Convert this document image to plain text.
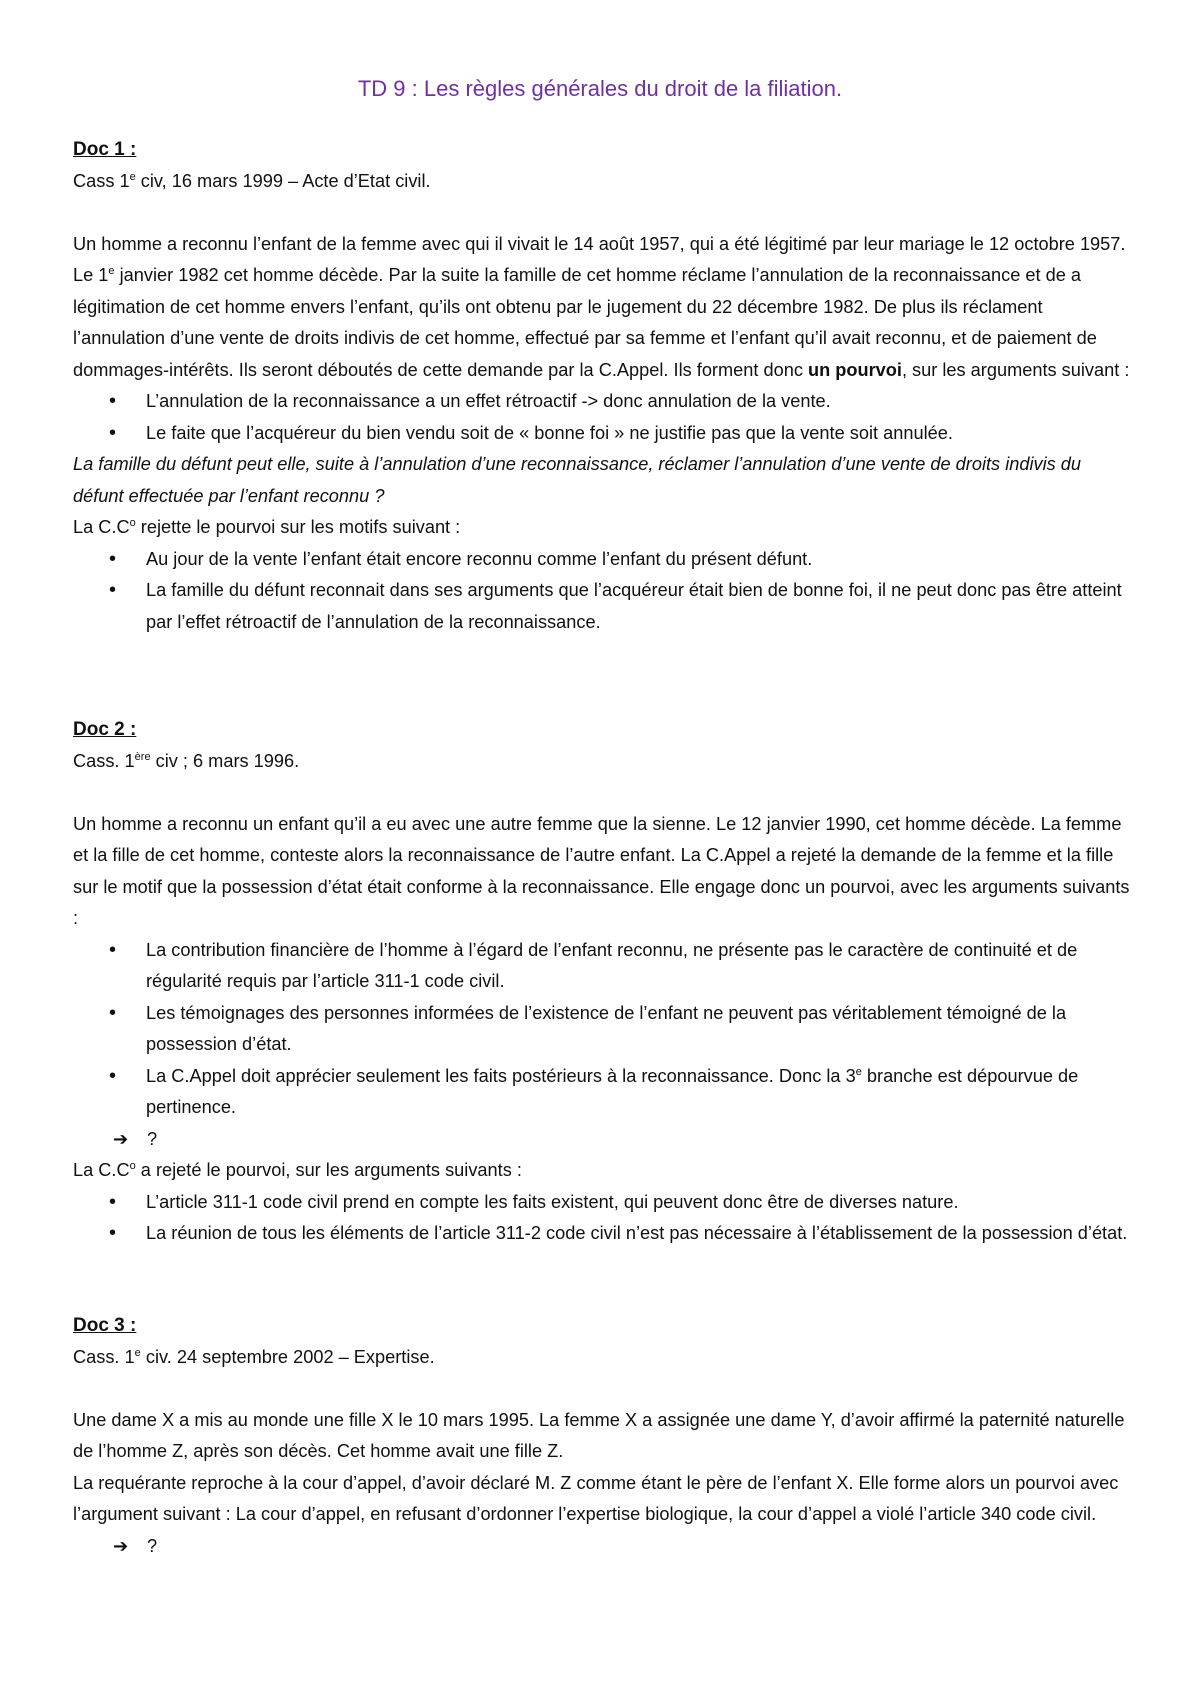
TD 9 : Les règles générales du droit de la filiation.

Doc 1 :

Cass 1e civ, 16 mars 1999 – Acte d’Etat civil.

Un homme a reconnu l’enfant de la femme avec qui il vivait le 14 août 1957, qui a été légitimé par leur mariage le 12 octobre 1957. Le 1e janvier 1982 cet homme décède. Par la suite la famille de cet homme réclame l’annulation de la reconnaissance et de a légitimation de cet homme envers l’enfant, qu’ils ont obtenu par le jugement du 22 décembre 1982. De plus ils réclament l’annulation d’une vente de droits indivis de cet homme, effectué par sa femme et l’enfant qu’il avait reconnu, et de paiement de dommages-intérêts. Ils seront déboutés de cette demande par la C.Appel. Ils forment donc un pourvoi, sur les arguments suivant :

• L’annulation de la reconnaissance a un effet rétroactif -> donc annulation de la vente.
• Le faite que l’acquéreur du bien vendu soit de « bonne foi » ne justifie pas que la vente soit annulée.

La famille du défunt peut elle, suite à l’annulation d’une reconnaissance, réclamer l’annulation d’une vente de droits indivis du défunt effectuée par l’enfant reconnu ?

La $C.C^o$ rejette le pourvoi sur les motifs suivant :

• Au jour de la vente l’enfant était encore reconnu comme l’enfant du présent défunt.
• La famille du défunt reconnait dans ses arguments que l’acquéreur était bien de bonne foi, il ne peut donc pas être atteint par l’effet rétroactif de l’annulation de la reconnaissance.

Doc 2 :

Cass. 1ère civ ; 6 mars 1996.

Un homme a reconnu un enfant qu’il a eu avec une autre femme que la sienne. Le 12 janvier 1990, cet homme décède. La femme et la fille de cet homme, conteste alors la reconnaissance de l’autre enfant. La C.Appel a rejeté la demande de la femme et la fille sur le motif que la possession d’état était conforme à la reconnaissance. Elle engage donc un pourvoi, avec les arguments suivants :

• La contribution financière de l’homme à l’égard de l’enfant reconnu, ne présente pas le caractère de continuité et de régularité requis par l’article 311-1 code civil.
• Les témoignages des personnes informées de l’existence de l’enfant ne peuvent pas véritablement témoigné de la possession d’état.
• La C.Appel doit apprécier seulement les faits postérieurs à la reconnaissance. Donc la 3e branche est dépourvue de pertinence.

➔ ?

La $C.C^o$ a rejeté le pourvoi, sur les arguments suivants :

• L’article 311-1 code civil prend en compte les faits existent, qui peuvent donc être de diverses nature.
• La réunion de tous les éléments de l’article 311-2 code civil n’est pas nécessaire à l’établissement de la possession d’état.

Doc 3 :

Cass. 1e civ. 24 septembre 2002 – Expertise.

Une dame X a mis au monde une fille X le 10 mars 1995. La femme X a assignée une dame Y, d’avoir affirmé la paternité naturelle de l’homme Z, après son décès. Cet homme avait une fille Z.

La requérante reproche à la cour d’appel, d’avoir déclaré M. Z comme étant le père de l’enfant X. Elle forme alors un pourvoi avec l’argument suivant : La cour d’appel, en refusant d’ordonner l’expertise biologique, la cour d’appel a violé l’article 340 code civil.

➔ ?
